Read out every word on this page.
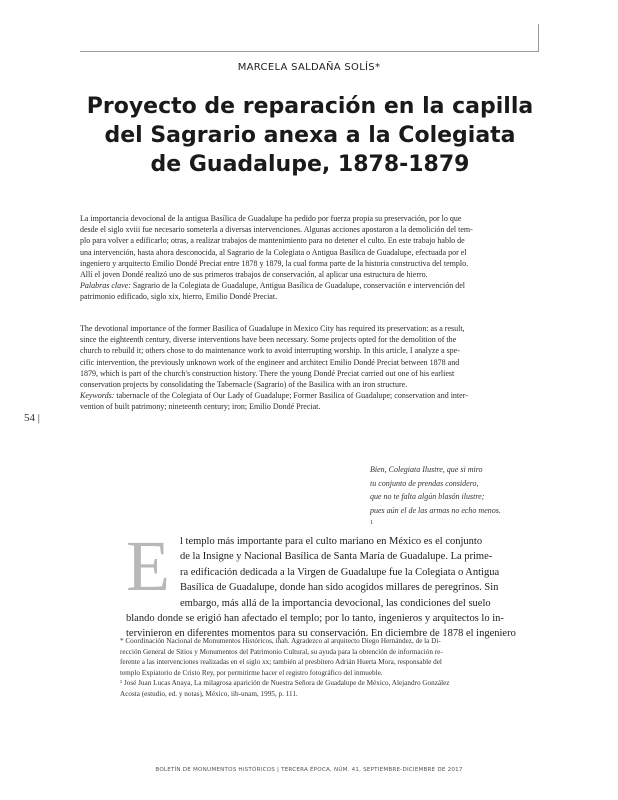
MARCELA SALDAÑA SOLÍS*
Proyecto de reparación en la capilla
del Sagrario anexa a la Colegiata
de Guadalupe, 1878-1879
La importancia devocional de la antigua Basílica de Guadalupe ha pedido por fuerza propia su preservación, por lo que
desde el siglo xviii fue necesario someterla a diversas intervenciones. Algunas acciones apostaron a la demolición del tem-
plo para volver a edificarlo; otras, a realizar trabajos de mantenimiento para no detener el culto. En este trabajo hablo de
una intervención, hasta ahora desconocida, al Sagrario de la Colegiata o Antigua Basílica de Guadalupe, efectuada por el
ingeniero y arquitecto Emilio Dondé Preciat entre 1878 y 1879, la cual forma parte de la historia constructiva del templo.
Allí el joven Dondé realizó uno de sus primeros trabajos de conservación, al aplicar una estructura de hierro.
Palabras clave: Sagrario de la Colegiata de Guadalupe, Antigua Basílica de Guadalupe, conservación e intervención del
patrimonio edificado, siglo xix, hierro, Emilio Dondé Preciat.
The devotional importance of the former Basilica of Guadalupe in Mexico City has required its preservation: as a result,
since the eighteenth century, diverse interventions have been necessary. Some projects opted for the demolition of the
church to rebuild it; others chose to do maintenance work to avoid interrupting worship. In this article, I analyze a spe-
cific intervention, the previously unknown work of the engineer and architect Emilio Dondé Preciat between 1878 and
1879, which is part of the church's construction history. There the young Dondé Preciat carried out one of his earliest
conservation projects by consolidating the Tabernacle (Sagrario) of the Basilica with an iron structure.
Keywords: tabernacle of the Colegiata of Our Lady of Guadalupe; Former Basilica of Guadalupe; conservation and inter-
vention of built patrimony; nineteenth century; iron; Emilio Dondé Preciat.
54 |
Bien, Colegiata Ilustre, que si miro
tu conjunto de prendas considero,
que no te falta algún blasón ilustre;
pues aún el de las armas no echo menos.
$^1$
E l templo más importante para el culto mariano en México es el conjunto
de la Insigne y Nacional Basílica de Santa María de Guadalupe. La prime-
ra edificación dedicada a la Virgen de Guadalupe fue la Colegiata o Antigua
Basílica de Guadalupe, donde han sido acogidos millares de peregrinos. Sin
embargo, más allá de la importancia devocional, las condiciones del suelo
blando donde se erigió han afectado el templo; por lo tanto, ingenieros y arquitectos lo in-
tervinieron en diferentes momentos para su conservación. En diciembre de 1878 el ingeniero
* Coordinación Nacional de Monumentos Históricos, inah. Agradezco al arquitecto Diego Hernández, de la Di-
rección General de Sitios y Monumentos del Patrimonio Cultural, su ayuda para la obtención de información re-
ferente a las intervenciones realizadas en el siglo xx; también al presbítero Adrián Huerta Mora, responsable del
templo Expiatorio de Cristo Rey, por permitirme hacer el registro fotográfico del inmueble.
¹ José Juan Lucas Anaya, La milagrosa aparición de Nuestra Señora de Guadalupe de México, Alejandro González
Acosta (estudio, ed. y notas), México, iib-unam, 1995, p. 111.
BOLETÍN DE MONUMENTOS HISTÓRICOS | TERCERA ÉPOCA, NÚM. 41, SEPTIEMBRE-DICIEMBRE DE 2017
